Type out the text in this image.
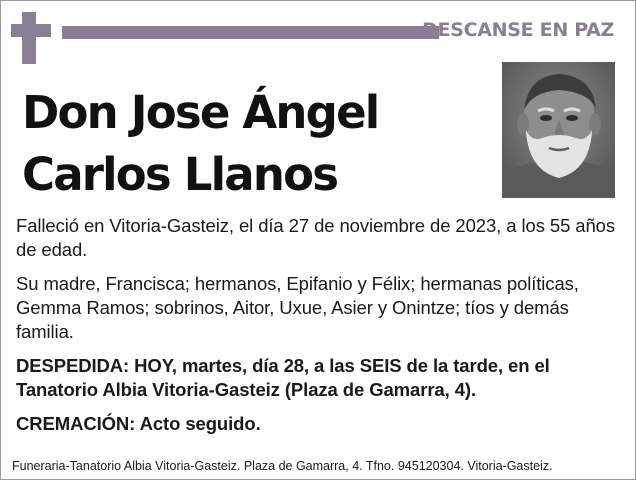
DESCANSE EN PAZ
Don Jose Ángel
Carlos Llanos

Falleció en Vitoria-Gasteiz, el día 27 de noviembre de 2023, a los 55 años de edad.

Su madre, Francisca; hermanos, Epifanio y Félix; hermanas políticas, Gemma Ramos; sobrinos, Aitor, Uxue, Asier y Onintze; tíos y demás familia.

DESPEDIDA: HOY, martes, día 28, a las SEIS de la tarde, en el Tanatorio Albia Vitoria-Gasteiz (Plaza de Gamarra, 4).

CREMACIÓN: Acto seguido.

Funeraria-Tanatorio Albia Vitoria-Gasteiz. Plaza de Gamarra, 4. Tfno. 945120304. Vitoria-Gasteiz.
